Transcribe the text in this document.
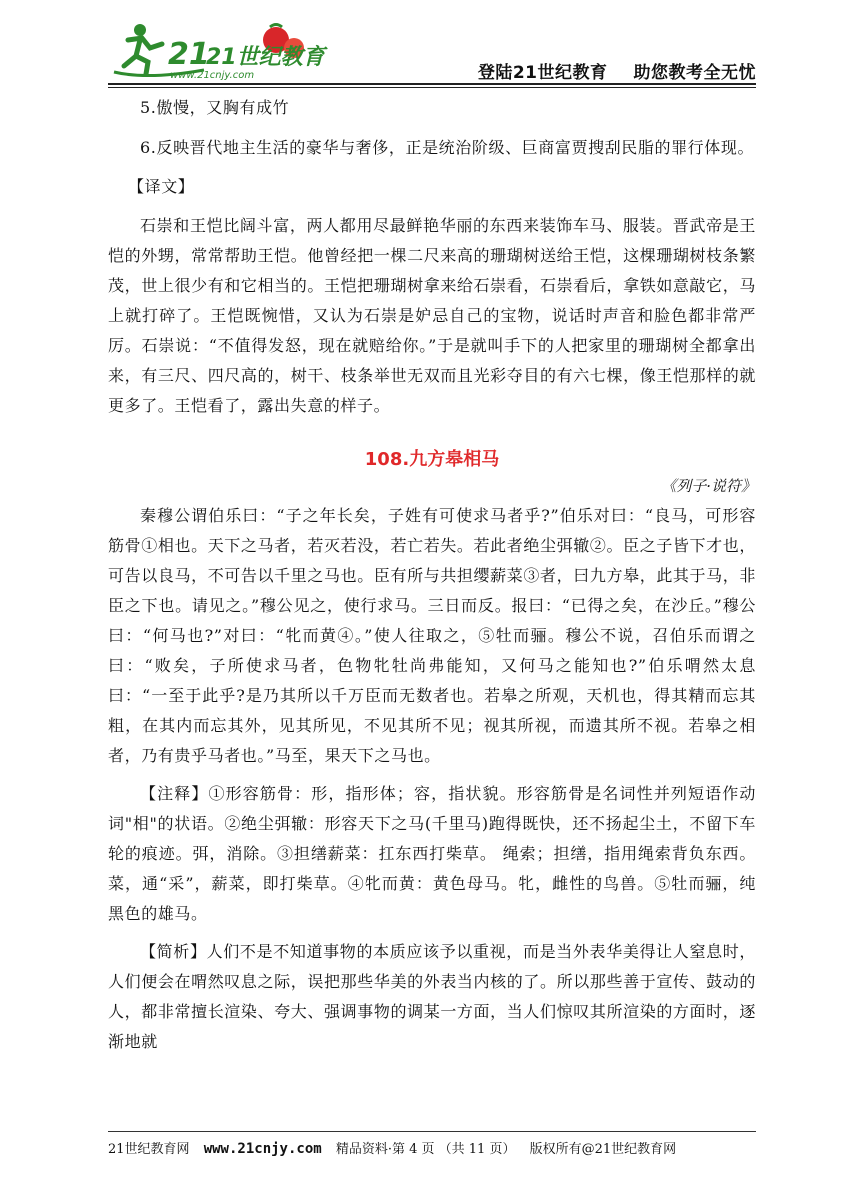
21
21世纪教育
www.21cnjy.com	登陆21世纪教育 助您教考全无忧

5.傲慢，又胸有成竹

6.反映晋代地主生活的豪华与奢侈，正是统治阶级、巨商富贾搜刮民脂的罪行体现。

【译文】

石崇和王恺比阔斗富，两人都用尽最鲜艳华丽的东西来装饰车马、服装。晋武帝是王恺的外甥，常常帮助王恺。他曾经把一棵二尺来高的珊瑚树送给王恺，这棵珊瑚树枝条繁茂，世上很少有和它相当的。王恺把珊瑚树拿来给石崇看，石崇看后，拿铁如意敲它，马上就打碎了。王恺既惋惜，又认为石崇是妒忌自己的宝物，说话时声音和脸色都非常严厉。石崇说：“不值得发怒，现在就赔给你。”于是就叫手下的人把家里的珊瑚树全都拿出来，有三尺、四尺高的，树干、枝条举世无双而且光彩夺目的有六七棵，像王恺那样的就更多了。王恺看了，露出失意的样子。

108.九方皋相马

《列子·说符》

秦穆公谓伯乐曰：“子之年长矣，子姓有可使求马者乎?”伯乐对曰：“良马，可形容筋骨①相也。天下之马者，若灭若没，若亡若失。若此者绝尘弭辙②。臣之子皆下才也，可告以良马，不可告以千里之马也。臣有所与共担缨薪菜③者，曰九方皋，此其于马，非臣之下也。请见之。”穆公见之，使行求马。三日而反。报曰：“已得之矣，在沙丘。”穆公曰：“何马也?”对曰：“牝而黄④。”使人往取之，⑤牡而骊。穆公不说，召伯乐而谓之曰：“败矣，子所使求马者，色物牝牡尚弗能知，又何马之能知也?”伯乐喟然太息曰：“一至于此乎?是乃其所以千万臣而无数者也。若皋之所观，天机也，得其精而忘其粗，在其内而忘其外，见其所见，不见其所不见；视其所视，而遗其所不视。若皋之相者，乃有贵乎马者也。”马至，果天下之马也。

【注释】①形容筋骨：形，指形体；容，指状貌。形容筋骨是名词性并列短语作动词"相"的状语。②绝尘弭辙：形容天下之马(千里马)跑得既快，还不扬起尘土，不留下车轮的痕迹。弭，消除。③担缮薪菜：扛东西打柴草。 绳索；担缮，指用绳索背负东西。菜，通“采”，薪菜，即打柴草。④牝而黄：黄色母马。牝，雌性的鸟兽。⑤牡而骊，纯黑色的雄马。

【简析】人们不是不知道事物的本质应该予以重视，而是当外表华美得让人窒息时，人们便会在喟然叹息之际，误把那些华美的外表当内核的了。所以那些善于宣传、鼓动的人，都非常擅长渲染、夸大、强调事物的调某一方面，当人们惊叹其所渲染的方面时，逐渐地就

21世纪教育网 www.21cnjy.com 精品资料·第 4 页 （共 11 页） 版权所有@21世纪教育网
